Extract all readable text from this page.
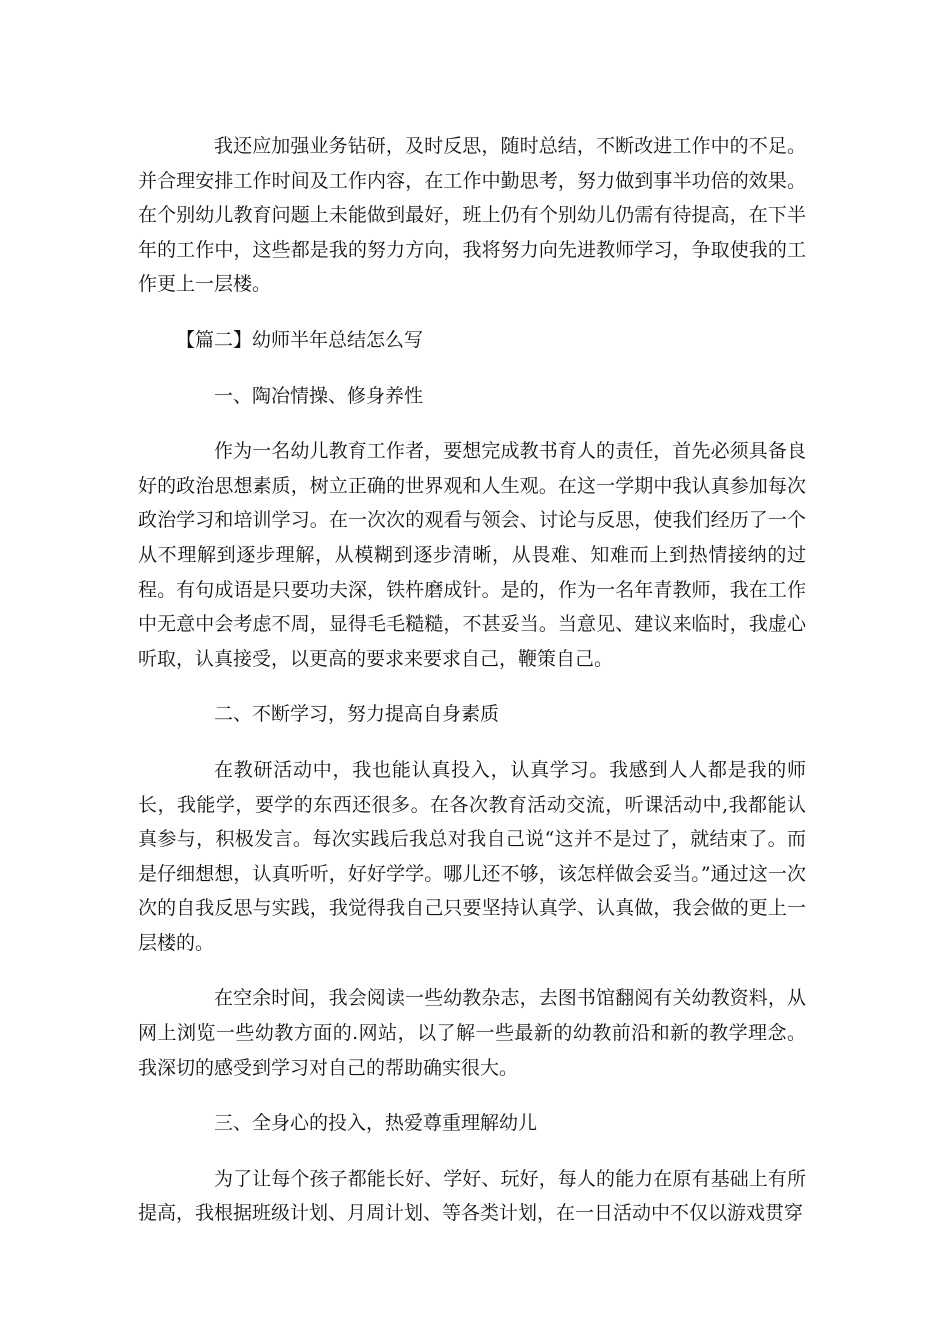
我还应加强业务钻研，及时反思，随时总结，不断改进工作中的不足。并合理安排工作时间及工作内容，在工作中勤思考，努力做到事半功倍的效果。在个别幼儿教育问题上未能做到最好，班上仍有个别幼儿仍需有待提高，在下半年的工作中，这些都是我的努力方向，我将努力向先进教师学习，争取使我的工作更上一层楼。

【篇二】幼师半年总结怎么写

一、陶冶情操、修身养性

作为一名幼儿教育工作者，要想完成教书育人的责任，首先必须具备良好的政治思想素质，树立正确的世界观和人生观。在这一学期中我认真参加每次政治学习和培训学习。在一次次的观看与领会、讨论与反思，使我们经历了一个从不理解到逐步理解，从模糊到逐步清晰，从畏难、知难而上到热情接纳的过程。有句成语是只要功夫深，铁杵磨成针。是的，作为一名年青教师，我在工作中无意中会考虑不周，显得毛毛糙糙，不甚妥当。当意见、建议来临时，我虚心听取，认真接受，以更高的要求来要求自己，鞭策自己。

二、不断学习，努力提高自身素质

在教研活动中，我也能认真投入，认真学习。我感到人人都是我的师长，我能学，要学的东西还很多。在各次教育活动交流，听课活动中,我都能认真参与，积极发言。每次实践后我总对我自己说“这并不是过了，就结束了。而是仔细想想，认真听听，好好学学。哪儿还不够，该怎样做会妥当。”通过这一次次的自我反思与实践，我觉得我自己只要坚持认真学、认真做，我会做的更上一层楼的。

在空余时间，我会阅读一些幼教杂志，去图书馆翻阅有关幼教资料，从网上浏览一些幼教方面的.网站，以了解一些最新的幼教前沿和新的教学理念。我深切的感受到学习对自己的帮助确实很大。

三、全身心的投入，热爱尊重理解幼儿

为了让每个孩子都能长好、学好、玩好，每人的能力在原有基础上有所提高，我根据班级计划、月周计划、等各类计划，在一日活动中不仅以游戏贯穿
